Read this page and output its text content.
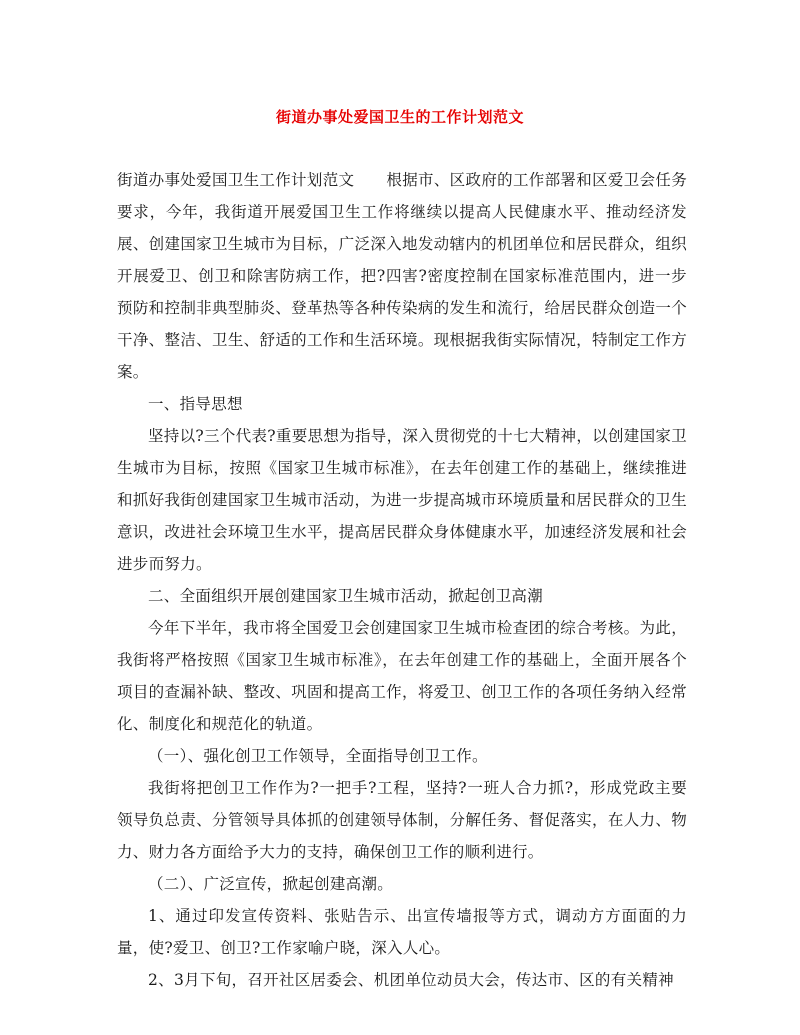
街道办事处爱国卫生的工作计划范文

街道办事处爱国卫生工作计划范文 根据市、区政府的工作部署和区爱卫会任务要求，今年，我街道开展爱国卫生工作将继续以提高人民健康水平、推动经济发展、创建国家卫生城市为目标，广泛深入地发动辖内的机团单位和居民群众，组织开展爱卫、创卫和除害防病工作，把?四害?密度控制在国家标准范围内，进一步预防和控制非典型肺炎、登革热等各种传染病的发生和流行，给居民群众创造一个干净、整洁、卫生、舒适的工作和生活环境。现根据我街实际情况，特制定工作方案。

一、指导思想

坚持以?三个代表?重要思想为指导，深入贯彻党的十七大精神，以创建国家卫生城市为目标，按照《国家卫生城市标准》，在去年创建工作的基础上，继续推进和抓好我街创建国家卫生城市活动，为进一步提高城市环境质量和居民群众的卫生意识，改进社会环境卫生水平，提高居民群众身体健康水平，加速经济发展和社会进步而努力。

二、全面组织开展创建国家卫生城市活动，掀起创卫高潮

今年下半年，我市将全国爱卫会创建国家卫生城市检查团的综合考核。为此，我街将严格按照《国家卫生城市标准》，在去年创建工作的基础上，全面开展各个项目的查漏补缺、整改、巩固和提高工作，将爱卫、创卫工作的各项任务纳入经常化、制度化和规范化的轨道。

（一）、强化创卫工作领导，全面指导创卫工作。

我街将把创卫工作作为?一把手?工程，坚持?一班人合力抓?，形成党政主要领导负总责、分管领导具体抓的创建领导体制，分解任务、督促落实，在人力、物力、财力各方面给予大力的支持，确保创卫工作的顺利进行。

（二）、广泛宣传，掀起创建高潮。

1、通过印发宣传资料、张贴告示、出宣传墙报等方式，调动方方面面的力量，使?爱卫、创卫?工作家喻户晓，深入人心。

2、3月下旬，召开社区居委会、机团单位动员大会，传达市、区的有关精神
